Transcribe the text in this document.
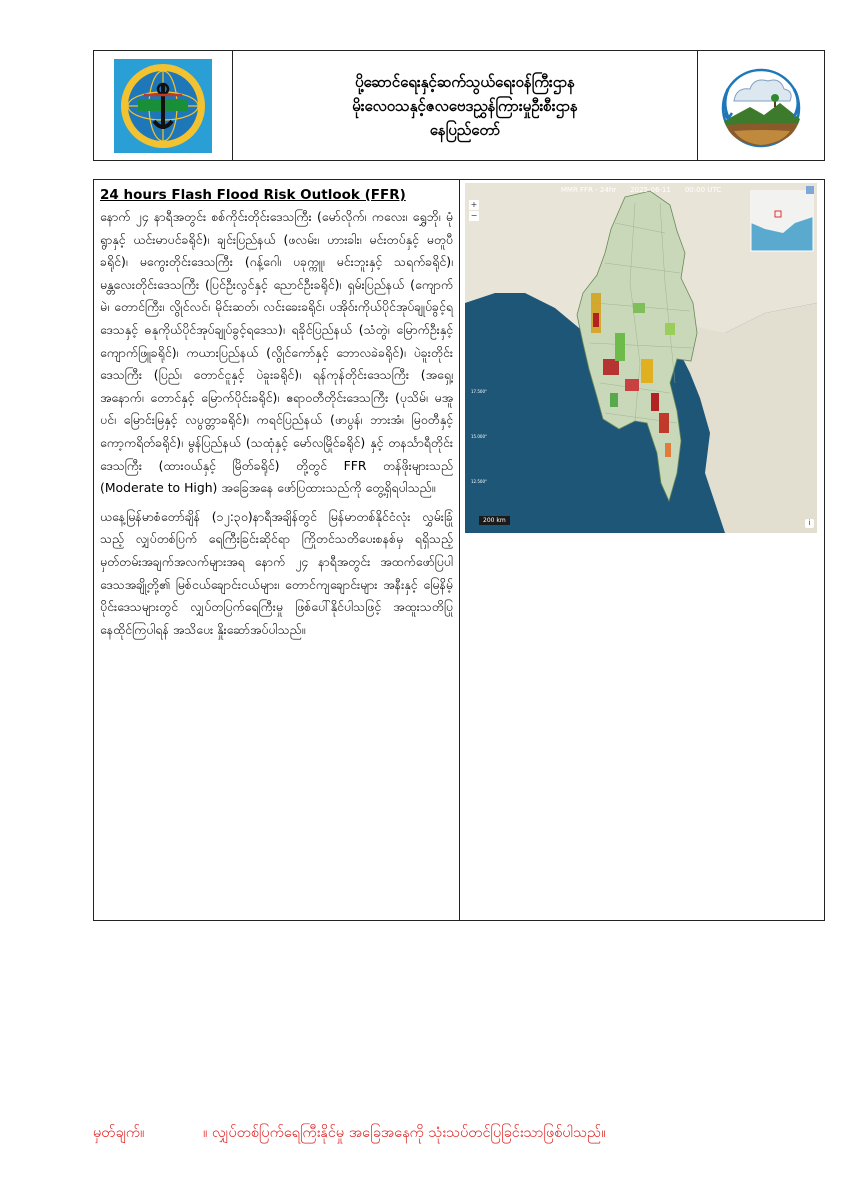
ပို့ဆောင်ရေးနှင့်ဆက်သွယ်ရေးဝန်ကြီးဌာန
မိုးလေဝသနှင့်ဇလဗေဒညွှန်ကြားမှုဦးစီးဌာန
နေပြည်တော်
24 hours Flash Flood Risk Outlook (FFR)

နောက် ၂၄ နာရီအတွင်း စစ်ကိုင်းတိုင်းဒေသကြီး (မော်လိုက်၊ ကလေး၊ ရွှေဘို၊ မုံရွာနှင့် ယင်းမာပင်ခရိုင်)၊ ချင်းပြည်နယ် (ဖလမ်း၊ ဟားခါး၊ မင်းတပ်နှင့် မတူပီခရိုင်)၊ မကွေးတိုင်းဒေသကြီး (ဂန့်ဂေါ၊ ပခုက္ကူ၊ မင်းဘူးနှင့် သရက်ခရိုင်)၊ မန္တလေးတိုင်းဒေသကြီး (ပြင်ဦးလွင်နှင့် ညောင်ဦးခရိုင်)၊ ရှမ်းပြည်နယ် (ကျောက်မဲ၊ တောင်ကြီး၊ လွိုင်လင်၊ မိုင်းဆတ်၊ လင်းခေးခရိုင်၊ ပအိုဝ်းကိုယ်ပိုင်အုပ်ချုပ်ခွင့်ရဒေသနှင့် ဓနုကိုယ်ပိုင်အုပ်ချုပ်ခွင့်ရဒေသ)၊ ရခိုင်ပြည်နယ် (သံတွဲ၊ မြောက်ဦးနှင့် ကျောက်ဖြူခရိုင်)၊ ကယားပြည်နယ် (လွိုင်ကော်နှင့် ဘောလခဲခရိုင်)၊ ပဲခူးတိုင်းဒေသကြီး (ပြည်၊ တောင်ငူနှင့် ပဲခူးခရိုင်)၊ ရန်ကုန်တိုင်းဒေသကြီး (အရှေ့၊ အနောက်၊ တောင်နှင့် မြောက်ပိုင်းခရိုင်)၊ ဧရာဝတီတိုင်းဒေသကြီး (ပုသိမ်၊ မအူပင်၊ မြောင်းမြနှင့် လပွတ္တာခရိုင်)၊ ကရင်ပြည်နယ် (ဖာပွန်၊ ဘားအံ၊ မြဝတီနှင့် ကော့ကရိတ်ခရိုင်)၊ မွန်ပြည်နယ် (သထုံနှင့် မော်လမြိုင်ခရိုင်) နှင့် တနင်္သာရီတိုင်းဒေသကြီး (ထားဝယ်နှင့် မြိတ်ခရိုင်) တို့တွင် FFR တန်ဖိုးများသည် (Moderate to High) အခြေအနေ ဖော်ပြထားသည်ကို တွေ့ရှိရပါသည်။

ယနေ့မြန်မာစံတော်ချိန် (၁၂:၃၀)နာရီအချိန်တွင် မြန်မာတစ်နိုင်ငံလုံး လွှမ်းခြုံသည့် လျှပ်တစ်ပြက် ရေကြီးခြင်းဆိုင်ရာ ကြိုတင်သတိပေးစနစ်မှ ရရှိသည့် မှတ်တမ်းအချက်အလက်များအရ နောက် ၂၄ နာရီအတွင်း အထက်ဖော်ပြပါ ဒေသအချို့တို့၏ မြစ်ငယ်ချောင်းငယ်များ၊ တောင်ကျချောင်းများ အနီးနှင့် မြေနိမ့်ပိုင်းဒေသများတွင် လျှပ်တပြက်ရေကြီးမှု ဖြစ်ပေါ်နိုင်ပါသဖြင့် အထူးသတိပြု နေထိုင်ကြပါရန် အသိပေး နှိုးဆော်အပ်ပါသည်။

17.500°
15.000°
12.500°
MMR FFR - 24hr 2025-06-11 00:00 UTC
+
−
200 km	i
မှတ်ချက်။	။ လျှပ်တစ်ပြက်ရေကြီးနိုင်မှု အခြေအနေကို သုံးသပ်တင်ပြခြင်းသာဖြစ်ပါသည်။
